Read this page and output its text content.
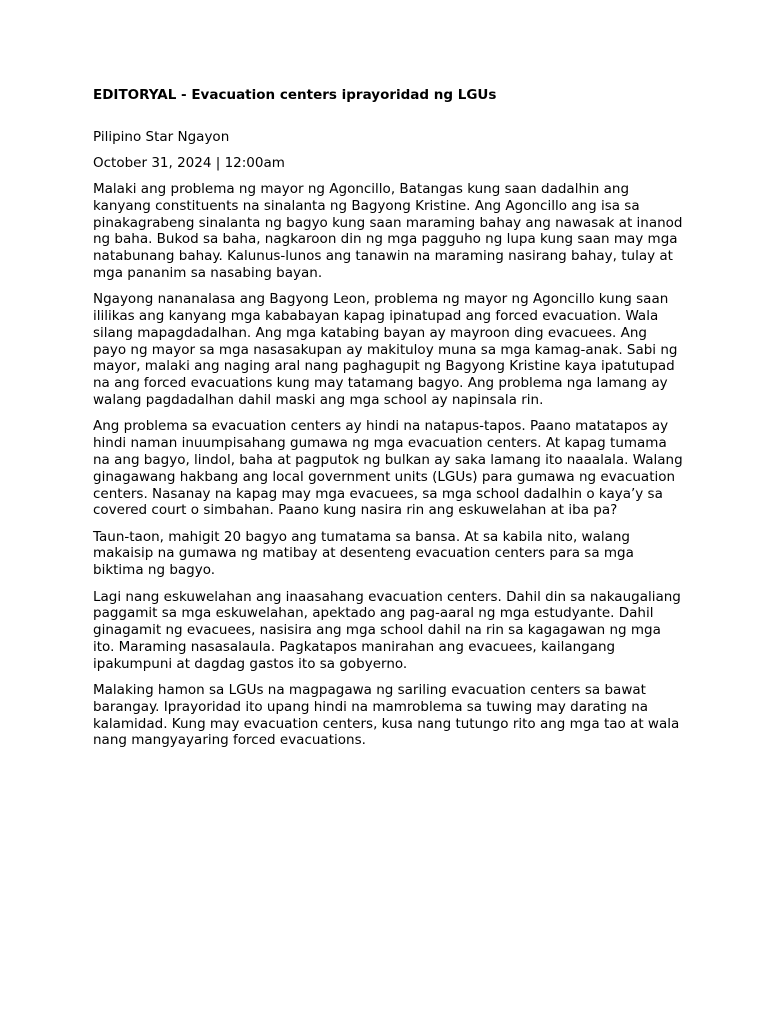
EDITORYAL - Evacuation centers iprayoridad ng LGUs
Pilipino Star Ngayon
October 31, 2024 | 12:00am

Malaki ang problema ng mayor ng Agoncillo, Batangas kung saan dadalhin ang kanyang constituents na sinalanta ng Bagyong Kristine. Ang Agoncillo ang isa sa pinakagrabeng sinalanta ng bagyo kung saan maraming bahay ang nawasak at inanod ng baha. Bukod sa baha, nagkaroon din ng mga pagguho ng lupa kung saan may mga natabunang bahay. Kalunus-lunos ang tanawin na maraming nasirang bahay, tulay at mga pananim sa nasabing bayan.

Ngayong nananalasa ang Bagyong Leon, problema ng mayor ng Agoncillo kung saan ililikas ang kanyang mga kababayan kapag ipinatupad ang forced evacuation. Wala silang mapagdadalhan. Ang mga katabing bayan ay mayroon ding evacuees. Ang payo ng mayor sa mga nasasakupan ay makituloy muna sa mga kamag-anak. Sabi ng mayor, malaki ang naging aral nang paghagupit ng Bagyong Kristine kaya ipatutupad na ang forced evacuations kung may tatamang bagyo. Ang problema nga lamang ay walang pagdadalhan dahil maski ang mga school ay napinsala rin.

Ang problema sa evacuation centers ay hindi na natapus-tapos. Paano matatapos ay hindi naman inuumpisahang gumawa ng mga evacuation centers. At kapag tumama na ang bagyo, lindol, baha at pagputok ng bulkan ay saka lamang ito naaalala. Walang ginagawang hakbang ang local government units (LGUs) para gumawa ng evacuation centers. Nasanay na kapag may mga evacuees, sa mga school dadalhin o kaya’y sa covered court o simbahan. Paano kung nasira rin ang eskuwelahan at iba pa?

Taun-taon, mahigit 20 bagyo ang tumatama sa bansa. At sa kabila nito, walang makaisip na gumawa ng matibay at desenteng evacuation centers para sa mga biktima ng bagyo.

Lagi nang eskuwelahan ang inaasahang evacuation centers. Dahil din sa nakaugaliang paggamit sa mga eskuwelahan, apektado ang pag-aaral ng mga estudyante. Dahil ginagamit ng evacuees, nasisira ang mga school dahil na rin sa kagagawan ng mga ito. Maraming nasasalaula. Pagkatapos manirahan ang evacuees, kailangang ipakumpuni at dagdag gastos ito sa gobyerno.

Malaking hamon sa LGUs na magpagawa ng sariling evacuation centers sa bawat barangay. Iprayoridad ito upang hindi na mamroblema sa tuwing may darating na kalamidad. Kung may evacuation centers, kusa nang tutungo rito ang mga tao at wala nang mangyayaring forced evacuations.
